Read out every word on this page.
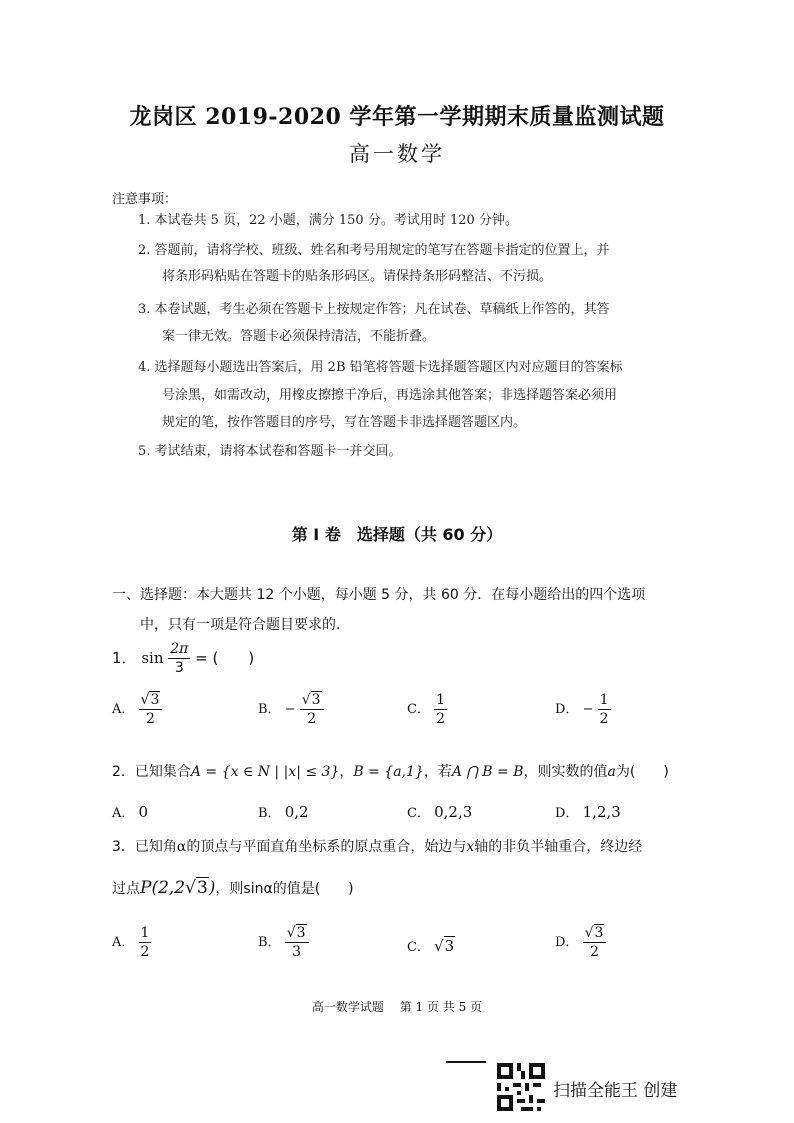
龙岗区 2019-2020 学年第一学期期末质量监测试题
高一数学
注意事项：
1. 本试卷共 5 页，22 小题，满分 150 分。考试用时 120 分钟。
2. 答题前，请将学校、班级、姓名和考号用规定的笔写在答题卡指定的位置上，并
将条形码粘贴在答题卡的贴条形码区。请保持条形码整洁、不污损。
3. 本卷试题，考生必须在答题卡上按规定作答；凡在试卷、草稿纸上作答的，其答
案一律无效。答题卡必须保持清洁，不能折叠。
4. 选择题每小题选出答案后，用 2B 铅笔将答题卡选择题答题区内对应题目的答案标
号涂黑，如需改动，用橡皮擦擦干净后，再选涂其他答案；非选择题答案必须用
规定的笔，按作答题目的序号，写在答题卡非选择题答题区内。
5. 考试结束，请将本试卷和答题卡一并交回。
第 I 卷　选择题（共 60 分）
一、选择题：本大题共 12 个小题，每小题 5 分，共 60 分．在每小题给出的四个选项
中，只有一项是符合题目要求的．
1． $\sin \frac{2\pi}{3}$ = (　　)
A． $\frac{√3}{2}$	B． − $\frac{√3}{2}$	C． $\frac{1}{2}$	D． − $\frac{1}{2}$
2．已知集合A = {x ∈ N | |x| ≤ 3}，B = {a,1}，若A ⋂ B = B，则实数的值a为(　　)
A． 0	B． 0,2	C． 0,2,3	D． 1,2,3
3．已知角α的顶点与平面直角坐标系的原点重合，始边与x轴的非负半轴重合，终边经
过点P(2,2√3)，则sinα的值是(　　)
A． $\frac{1}{2}$	B． $\frac{√3}{3}$	C． √3	D． $\frac{√3}{2}$
高一数学试题　 第 1 页 共 5 页
扫描全能王 创建
